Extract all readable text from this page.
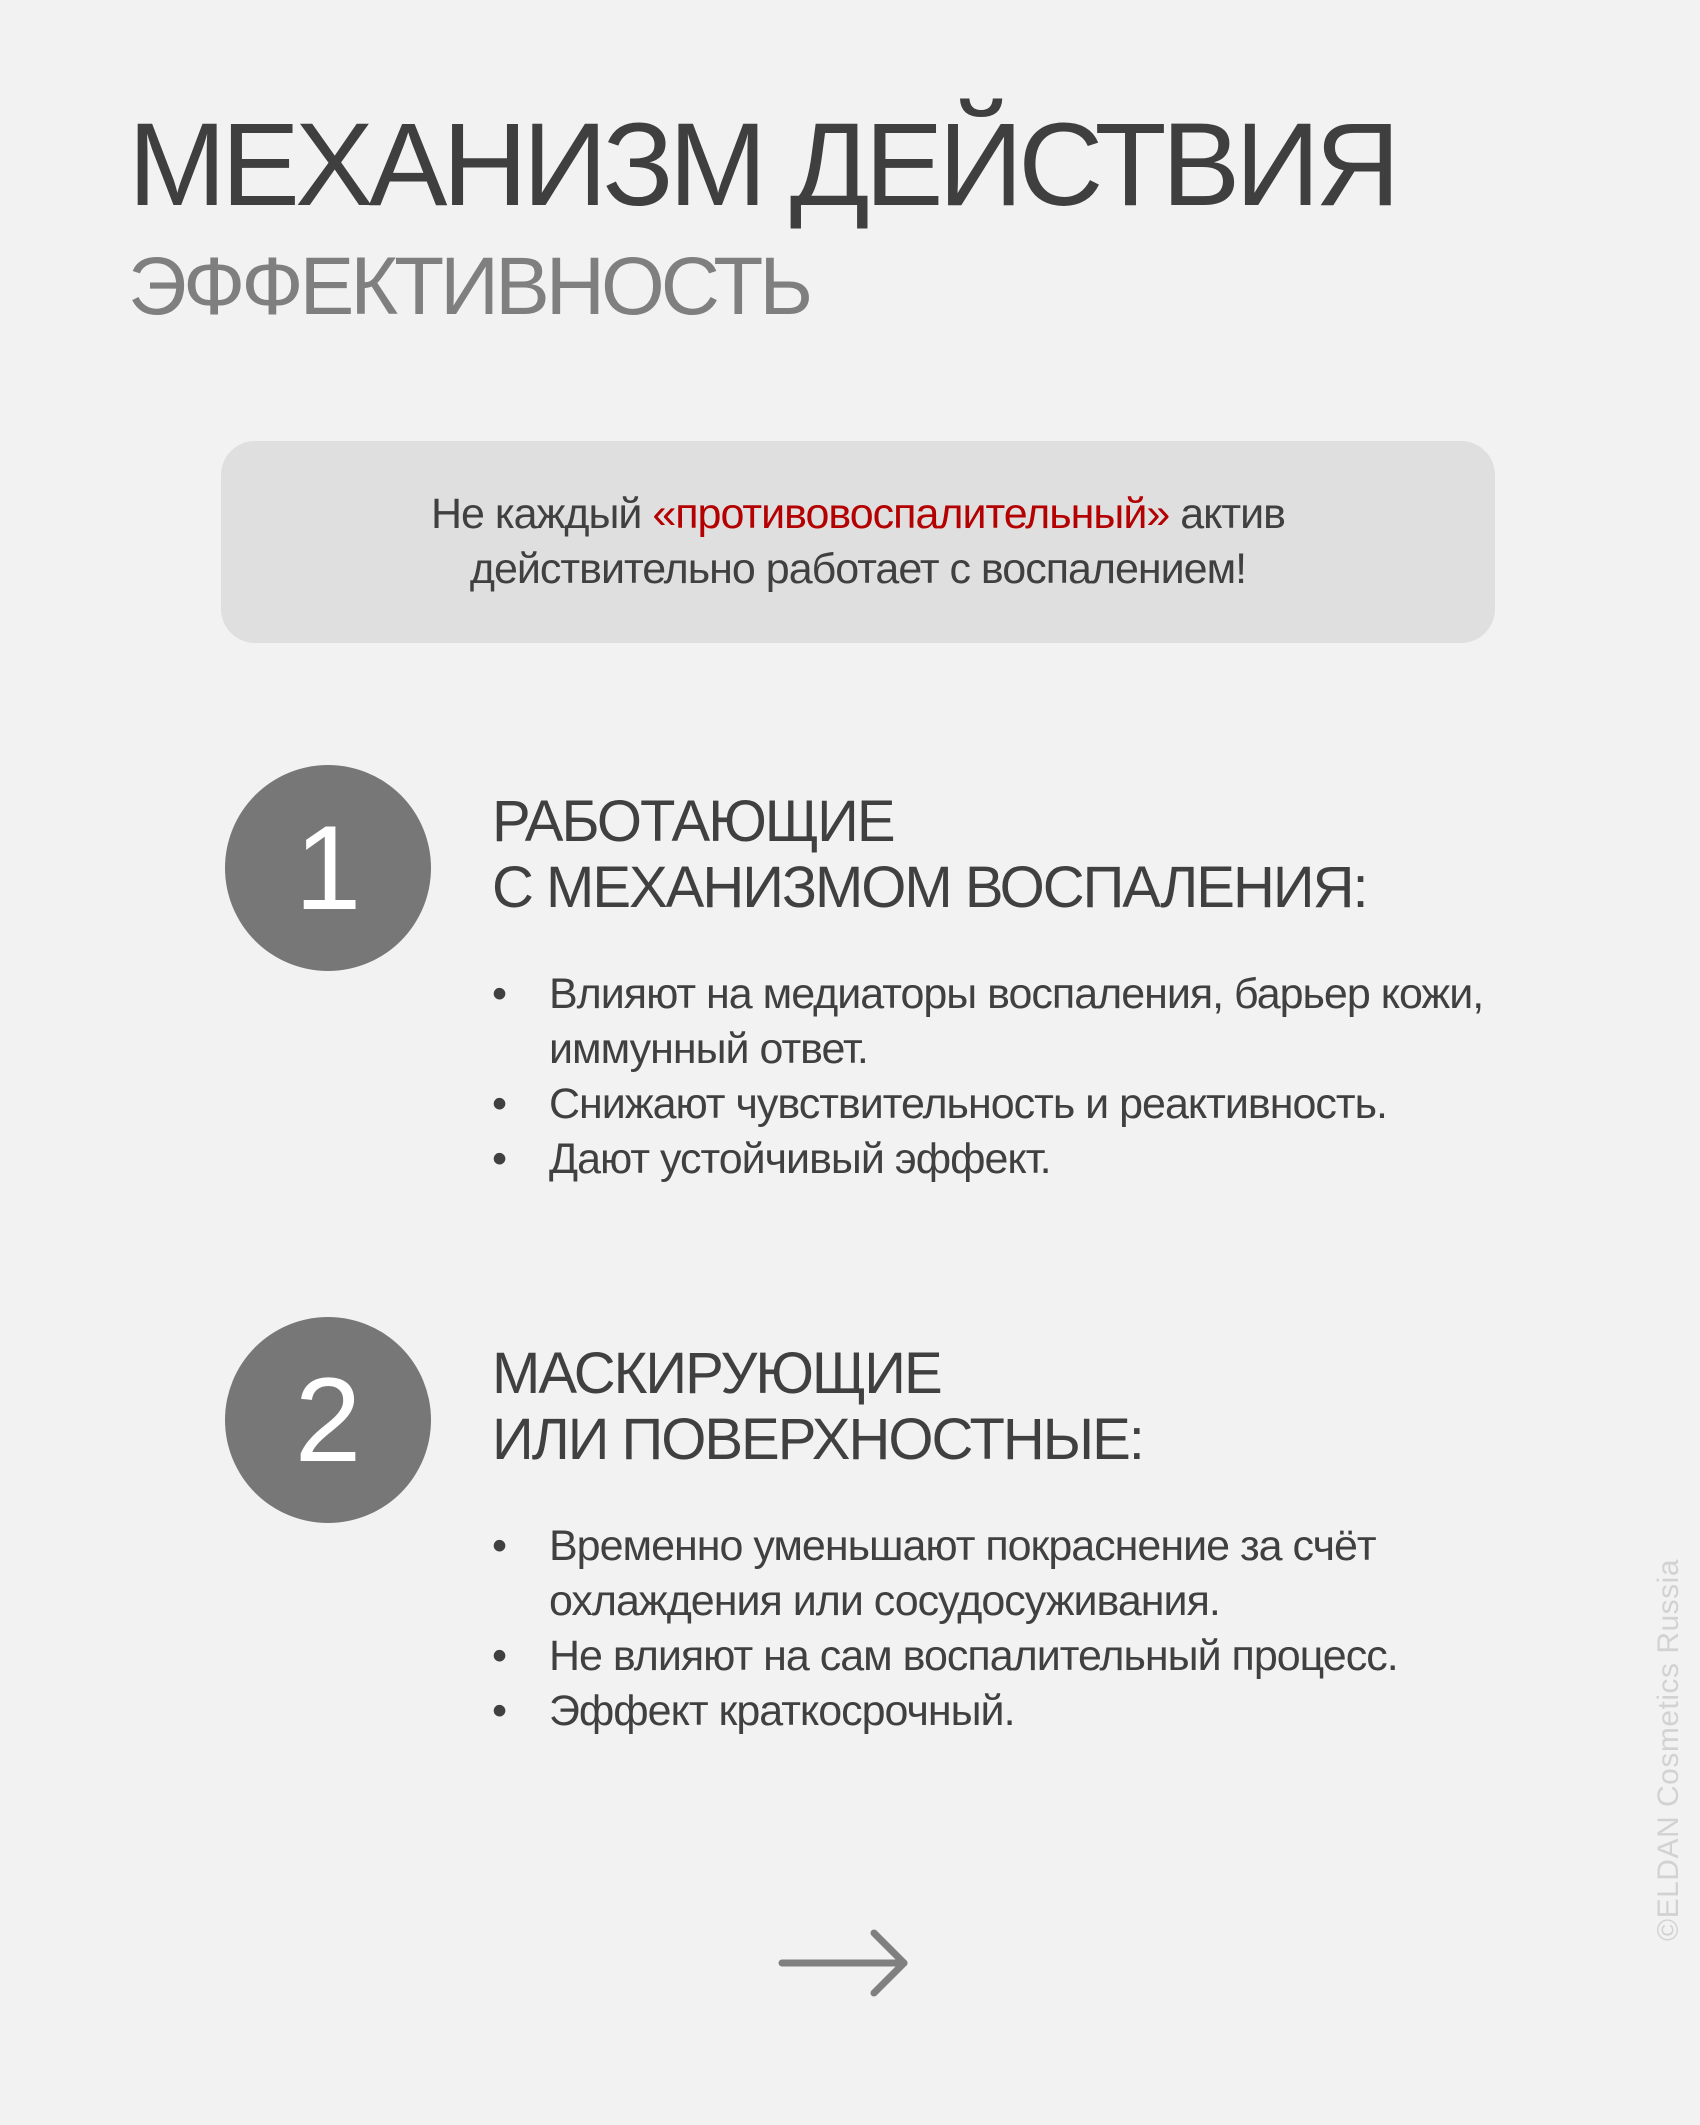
МЕХАНИЗМ ДЕЙСТВИЯ
ЭФФЕКТИВНОСТЬ
Не каждый «противовоспалительный» актив
действительно работает с воспалением!
1	РАБОТАЮЩИЕ
С МЕХАНИЗМОМ ВОСПАЛЕНИЯ:
• Влияют на медиаторы воспаления, барьер кожи, иммунный ответ.
• Снижают чувствительность и реактивность.
• Дают устойчивый эффект.
2	МАСКИРУЮЩИЕ
ИЛИ ПОВЕРХНОСТНЫЕ:
• Временно уменьшают покраснение за счёт охлаждения или сосудосуживания.
• Не влияют на сам воспалительный процесс.
• Эффект краткосрочный.	©ELDAN Cosmetics Russia
